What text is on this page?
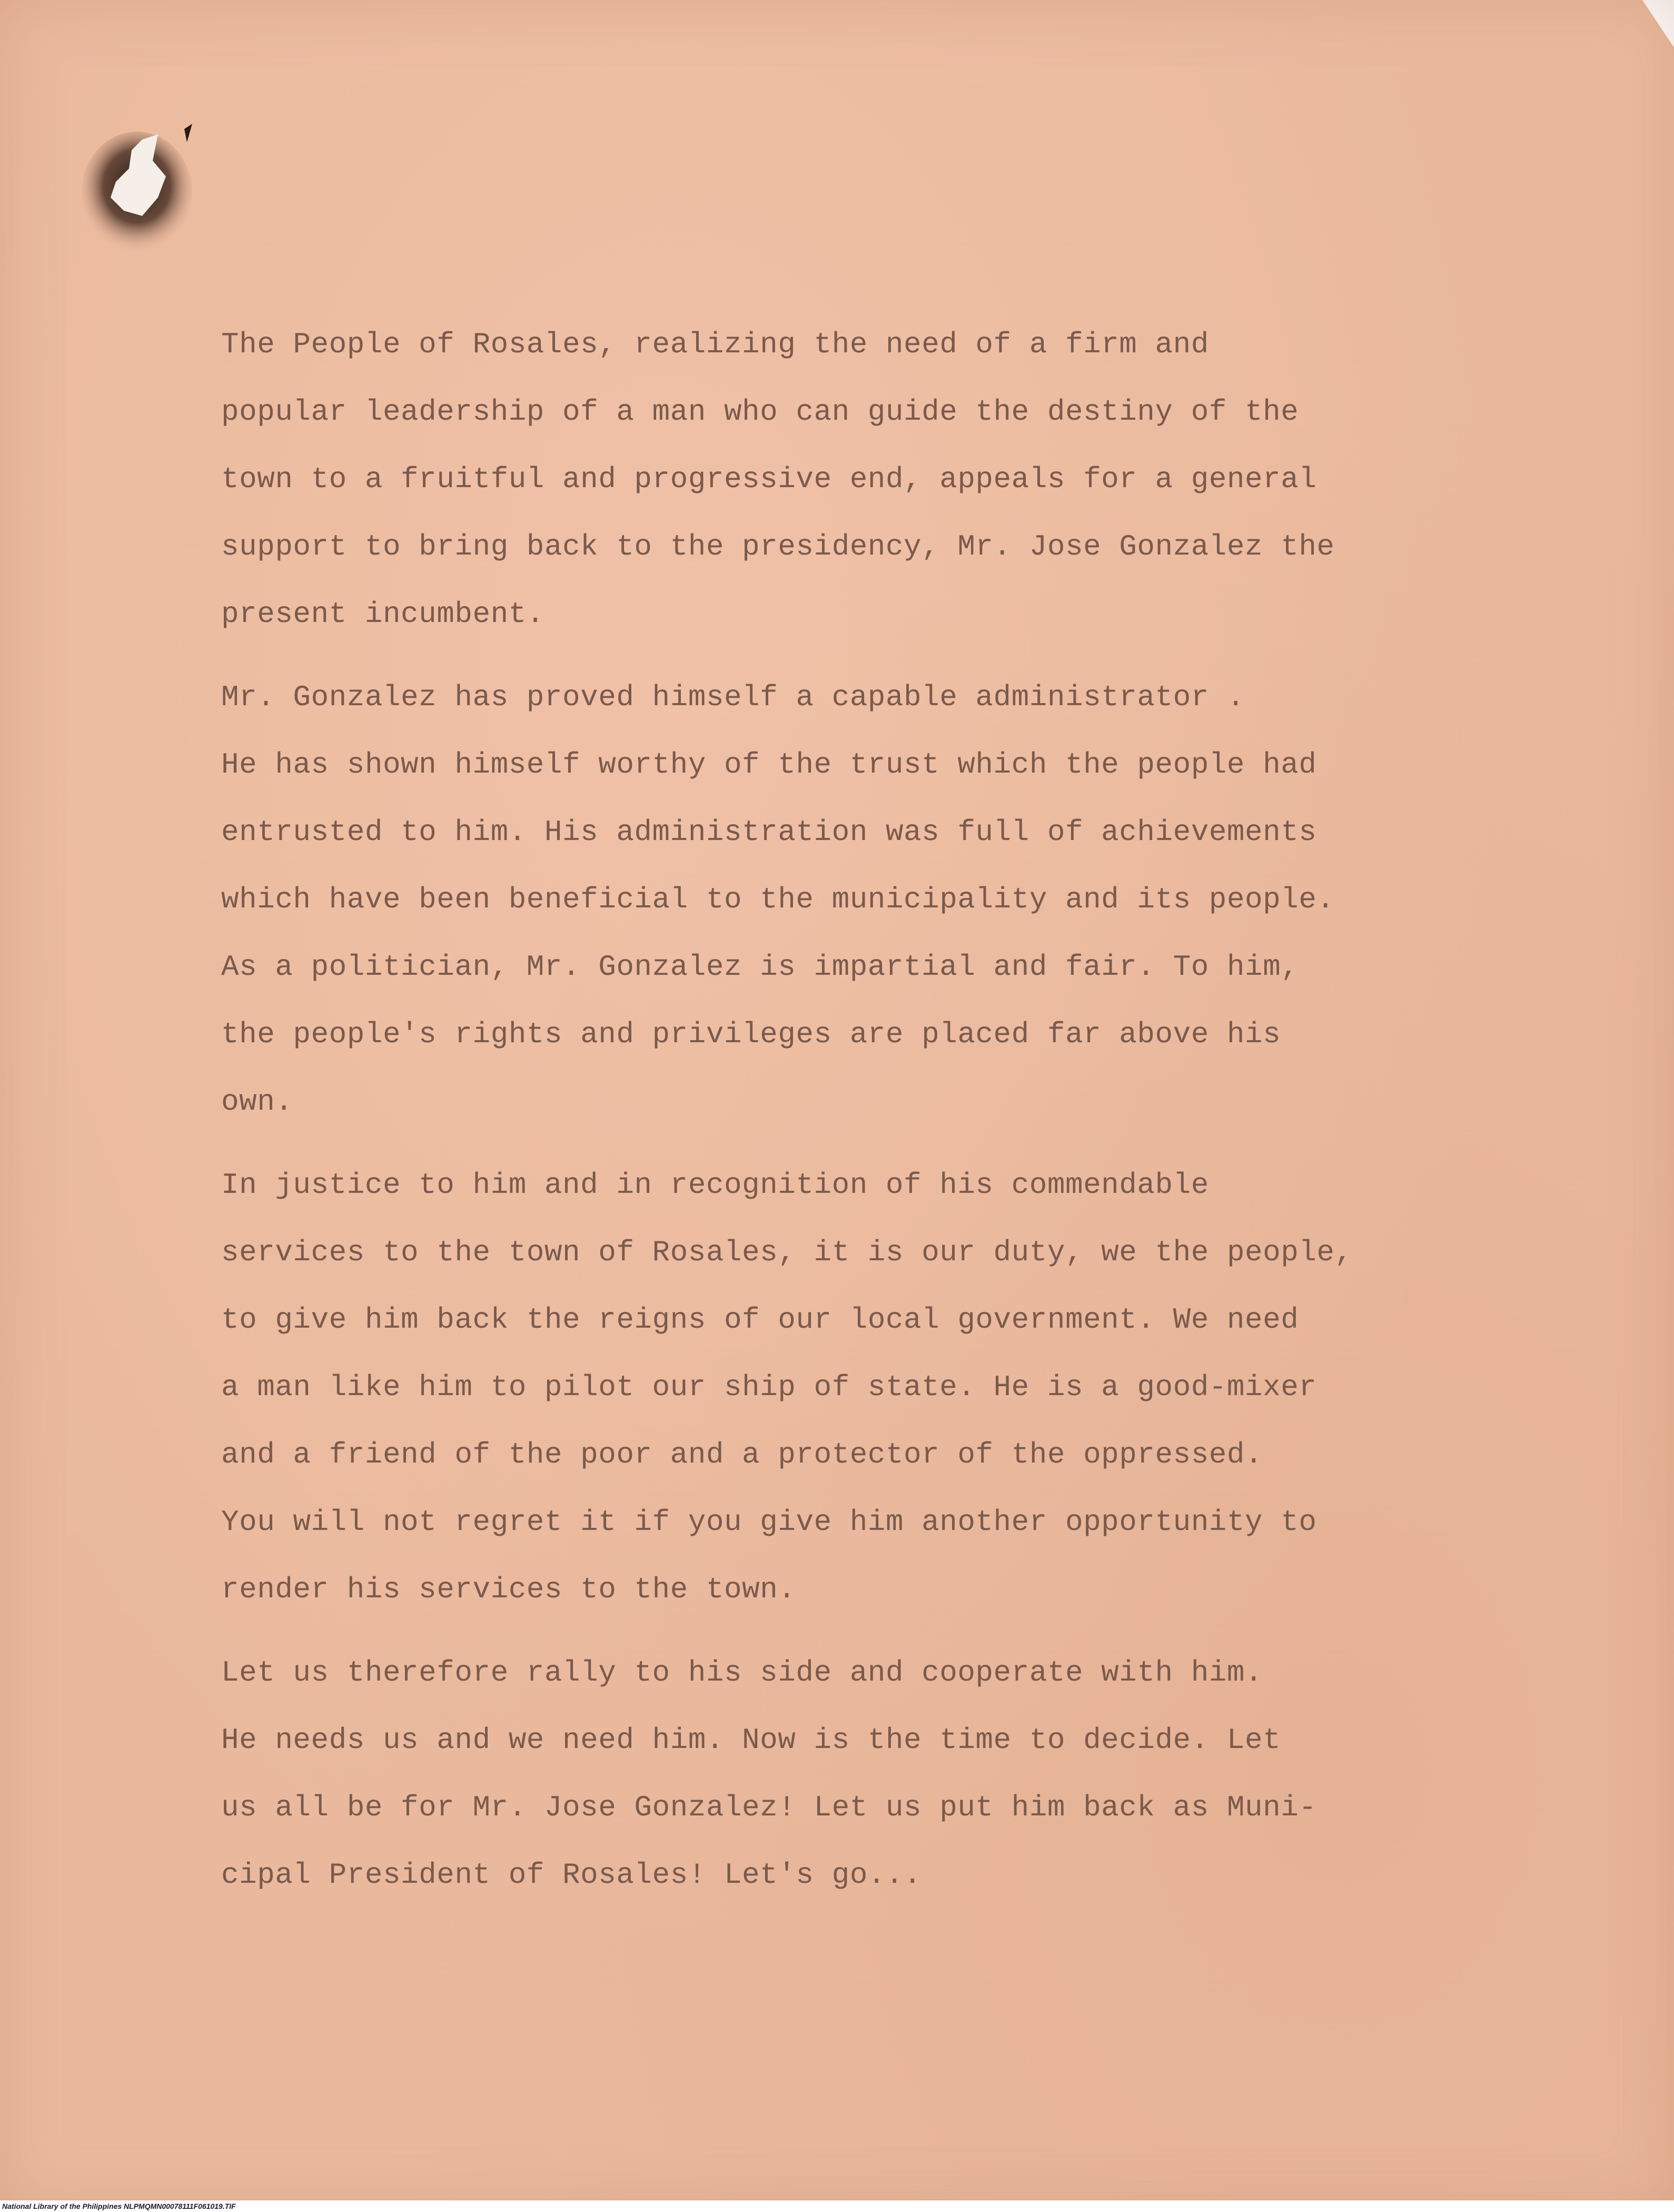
The People of Rosales, realizing the need of a firm and
popular leadership of a man who can guide the destiny of the
town to a fruitful and progressive end, appeals for a general
support to bring back to the presidency, Mr. Jose Gonzalez the
present incumbent.

Mr. Gonzalez has proved himself a capable administrator .
He has shown himself worthy of the trust which the people had
entrusted to him. His administration was full of achievements
which have been beneficial to the municipality and its people.
As a politician, Mr. Gonzalez is impartial and fair. To him,
the people's rights and privileges are placed far above his
own.

In justice to him and in recognition of his commendable
services to the town of Rosales, it is our duty, we the people,
to give him back the reigns of our local government. We need
a man like him to pilot our ship of state. He is a good-mixer
and a friend of the poor and a protector of the oppressed.
You will not regret it if you give him another opportunity to
render his services to the town.

Let us therefore rally to his side and cooperate with him.
He needs us and we need him. Now is the time to decide. Let
us all be for Mr. Jose Gonzalez! Let us put him back as Muni-
cipal President of Rosales! Let's go...

National Library of the Philippines NLPMQMN00078111F061019.TIF
